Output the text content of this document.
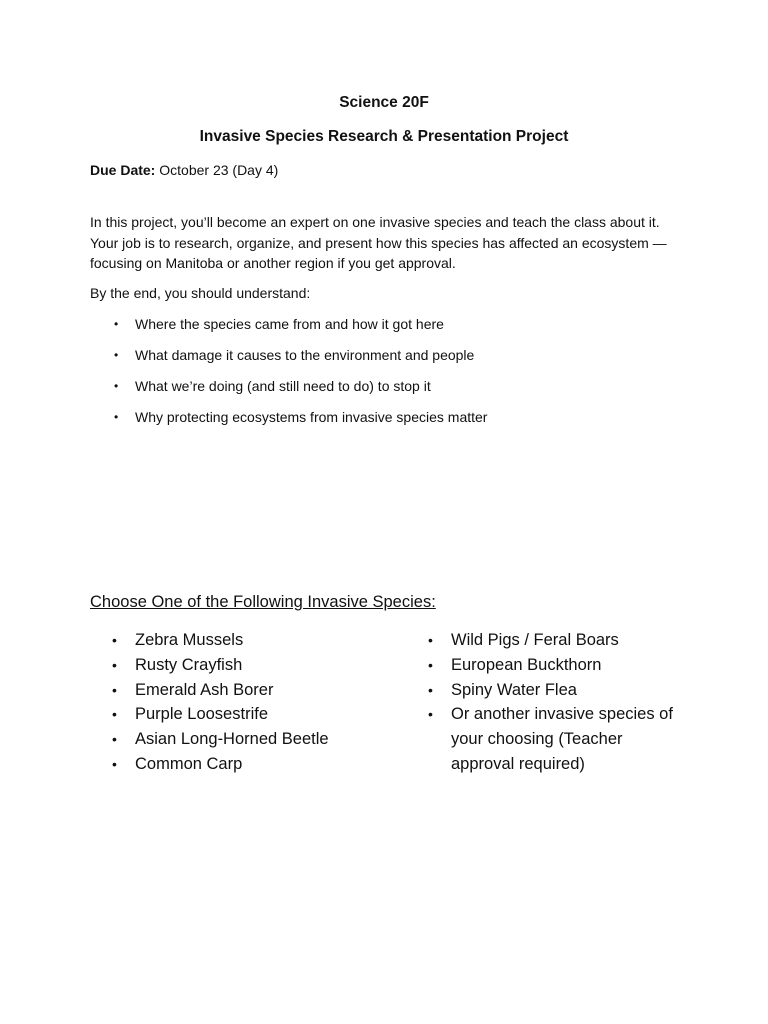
Science 20F

Invasive Species Research & Presentation Project

Due Date: October 23 (Day 4)

In this project, you’ll become an expert on one invasive species and teach the class about it. Your job is to research, organize, and present how this species has affected an ecosystem — focusing on Manitoba or another region if you get approval.

By the end, you should understand:

• Where the species came from and how it got here
• What damage it causes to the environment and people
• What we’re doing (and still need to do) to stop it
• Why protecting ecosystems from invasive species matter

Choose One of the Following Invasive Species:

• Zebra Mussels
• Rusty Crayfish
• Emerald Ash Borer
• Purple Loosestrife
• Asian Long-Horned Beetle
• Common Carp
• Wild Pigs / Feral Boars
• European Buckthorn
• Spiny Water Flea
• Or another invasive species of your choosing (Teacher approval required)
